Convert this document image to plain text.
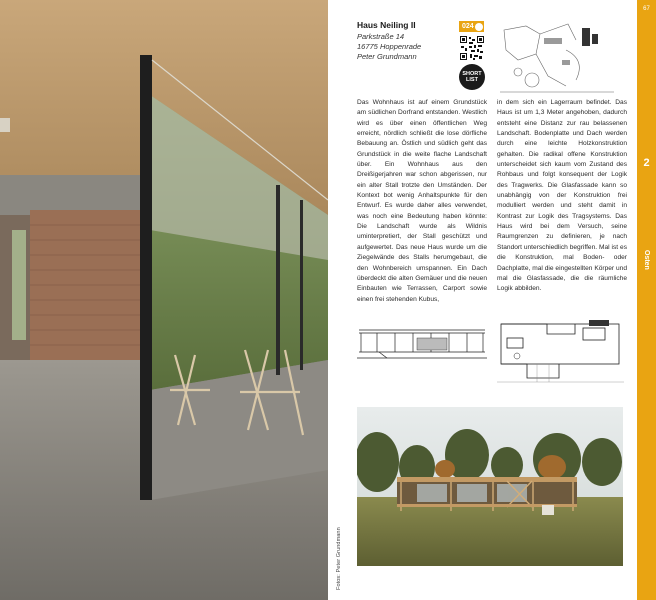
Fotos: Peter Grundmann
Haus Neiling II
Parkstraße 14
16775 Hoppenrade
Peter Grundmann
024
SHORT
LIST
Das Wohnhaus ist auf einem Grundstück am südlichen Dorfrand entstanden. Westlich wird es über einen öffentlichen Weg erreicht, nördlich schließt die lose dörfliche Bebauung an. Östlich und südlich geht das Grundstück in die weite flache Landschaft über. Ein Wohnhaus aus den Dreißigerjahren war schon abgerissen, nur ein alter Stall trotzte den Umständen. Der Kontext bot wenig Anhaltspunkte für den Entwurf. Es wurde daher alles verwendet, was noch eine Bedeutung haben könnte: Die Landschaft wurde als Wildnis uminterpretiert, der Stall geschützt und aufgewertet. Das neue Haus wurde um die Ziegelwände des Stalls herumgebaut, die den Wohnbereich umspannen. Ein Dach überdeckt die alten Gemäuer und die neuen Einbauten wie Terrassen, Carport sowie einen frei stehenden Kubus,
in dem sich ein Lagerraum befindet. Das Haus ist um 1,3 Meter angehoben, dadurch entsteht eine Distanz zur rau belassenen Landschaft. Bodenplatte und Dach werden durch eine leichte Holzkonstruktion gehalten. Die radikal offene Konstruktion unterscheidet sich kaum vom Zustand des Rohbaus und folgt konsequent der Logik des Tragwerks. Die Glasfassade kann so unabhängig von der Konstruktion frei modulliert werden und steht damit in Kontrast zur Logik des Tragsystems. Das Haus wird bei dem Versuch, seine Raumgrenzen zu definieren, je nach Standort unterschiedlich begriffen. Mal ist es die Konstruktion, mal Boden- oder Dachplatte, mal die eingestellten Körper und mal die Glasfassade, die die räumliche Logik abbilden.
67
2
Osten
